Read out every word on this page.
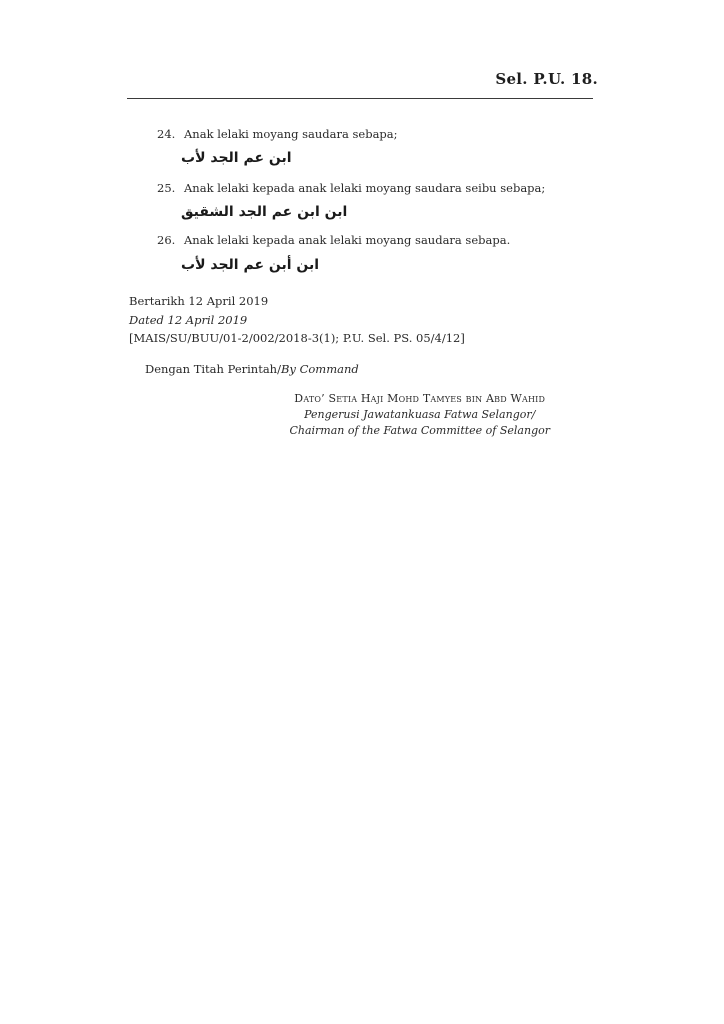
Sel. P.U. 18.
24. Anak lelaki moyang saudara sebapa;
ابن عم الجد لأب
25. Anak lelaki kepada anak lelaki moyang saudara seibu sebapa;
ابن ابن عم الجد الشقيق
26. Anak lelaki kepada anak lelaki moyang saudara sebapa.
ابن أبن عم الجد لأب
Bertarikh 12 April 2019
Dated 12 April 2019
[MAIS/SU/BUU/01-2/002/2018-3(1); P.U. Sel. PS. 05/4/12]
Dengan Titah Perintah/By Command
Dato’ Setia Haji Mohd Tamyes bin Abd Wahid
Pengerusi Jawatankuasa Fatwa Selangor/
Chairman of the Fatwa Committee of Selangor
